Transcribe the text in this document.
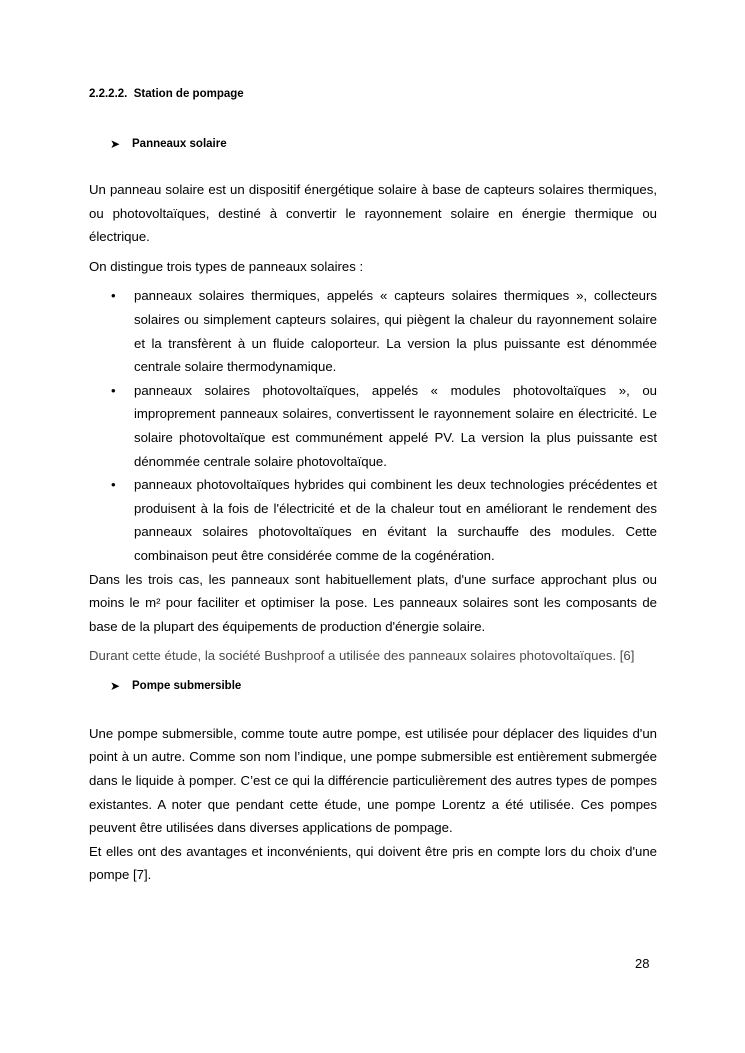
2.2.2.2. Station de pompage
➤ Panneaux solaire

Un panneau solaire est un dispositif énergétique solaire à base de capteurs solaires thermiques, ou photovoltaïques, destiné à convertir le rayonnement solaire en énergie thermique ou électrique.

On distingue trois types de panneaux solaires :

• panneaux solaires thermiques, appelés « capteurs solaires thermiques », collecteurs solaires ou simplement capteurs solaires, qui piègent la chaleur du rayonnement solaire et la transfèrent à un fluide caloporteur. La version la plus puissante est dénommée centrale solaire thermodynamique.
• panneaux solaires photovoltaïques, appelés « modules photovoltaïques », ou improprement panneaux solaires, convertissent le rayonnement solaire en électricité. Le solaire photovoltaïque est communément appelé PV. La version la plus puissante est dénommée centrale solaire photovoltaïque.
• panneaux photovoltaïques hybrides qui combinent les deux technologies précédentes et produisent à la fois de l'électricité et de la chaleur tout en améliorant le rendement des panneaux solaires photovoltaïques en évitant la surchauffe des modules. Cette combinaison peut être considérée comme de la cogénération.

Dans les trois cas, les panneaux sont habituellement plats, d'une surface approchant plus ou moins le m² pour faciliter et optimiser la pose. Les panneaux solaires sont les composants de base de la plupart des équipements de production d'énergie solaire.

Durant cette étude, la société Bushproof a utilisée des panneaux solaires photovoltaïques. [6]

➤ Pompe submersible

Une pompe submersible, comme toute autre pompe, est utilisée pour déplacer des liquides d'un point à un autre. Comme son nom l’indique, une pompe submersible est entièrement submergée dans le liquide à pomper. C’est ce qui la différencie particulièrement des autres types de pompes existantes. A noter que pendant cette étude, une pompe Lorentz a été utilisée. Ces pompes peuvent être utilisées dans diverses applications de pompage.

Et elles ont des avantages et inconvénients, qui doivent être pris en compte lors du choix d'une pompe [7].

28
